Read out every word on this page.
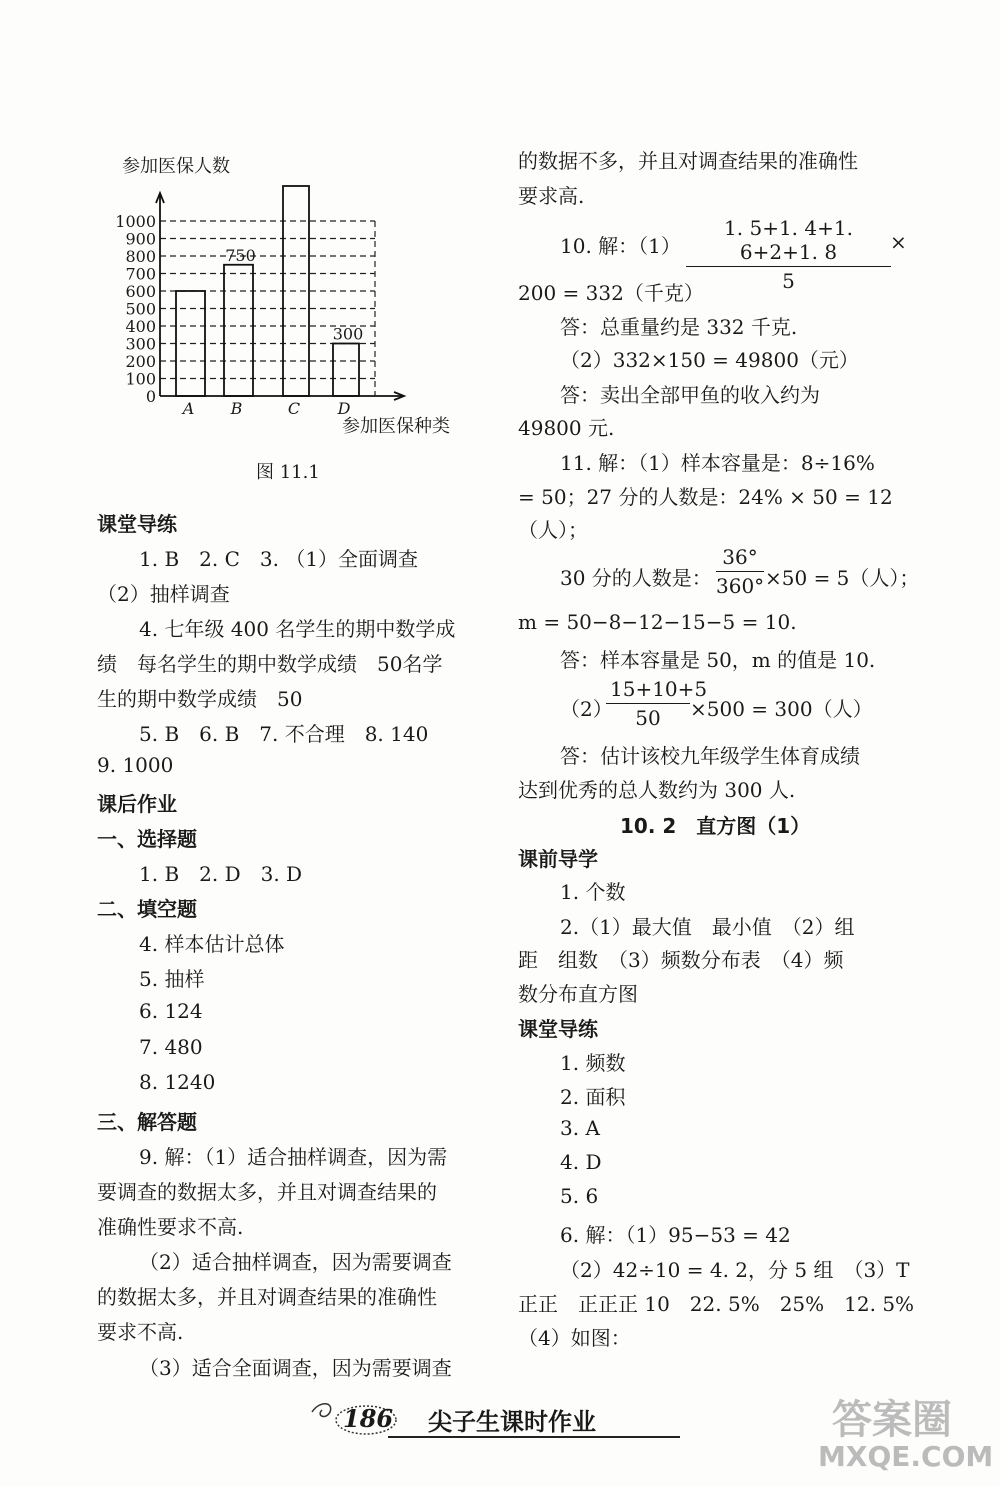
参加医保人数
0
100
200
300
400
500
600
700
800
900
1000
A B
750
C D
300
参加医保种类
图 11.1
课堂导练
1. B　2. C　3. （1）全面调查
（2）抽样调查
4. 七年级 400 名学生的期中数学成
绩　每名学生的期中数学成绩　50名学
生的期中数学成绩　50
5. B　6. B　7. 不合理　8. 140
9. 1000
课后作业
一、选择题
1. B　2. D　3. D
二、填空题
4. 样本估计总体
5. 抽样
6. 124
7. 480
8. 1240
三、解答题
9. 解：（1）适合抽样调查，因为需
要调查的数据太多，并且对调查结果的
准确性要求不高.
（2）适合抽样调查，因为需要调查
的数据太多，并且对调查结果的准确性
要求不高.
（3）适合全面调查，因为需要调查
的数据不多，并且对调查结果的准确性
要求高.
10. 解：（1）
1. 5+1. 4+1. 6+2+1. 8
5
×
200 = 332（千克）
答：总重量约是 332 千克.
（2）332×150 = 49800（元）
答：卖出全部甲鱼的收入约为
49800 元.
11. 解：（1）样本容量是：8÷16%
= 50；27 分的人数是：24% × 50 = 12
（人）；
30 分的人数是：
36°
360° ×50 = 5（人）；
m = 50−8−12−15−5 = 10.
答：样本容量是 50，m 的值是 10.
（2）
15+10+5
50	×500 = 300（人）
答：估计该校九年级学生体育成绩
达到优秀的总人数约为 300 人.
10. 2　直方图（1）
课前导学
1. 个数
2.（1）最大值　最小值　（2）组
距　组数　（3）频数分布表　（4）频
数分布直方图
课堂导练
1. 频数
2. 面积
3. A
4. D
5. 6
6. 解：（1）95−53 = 42
（2）42÷10 = 4. 2，分 5 组　（3）T
正正　正正正 10　22. 5%　25%　12. 5%
（4）如图：
186 尖子生课时作业	答案圈
MXQE.COM
